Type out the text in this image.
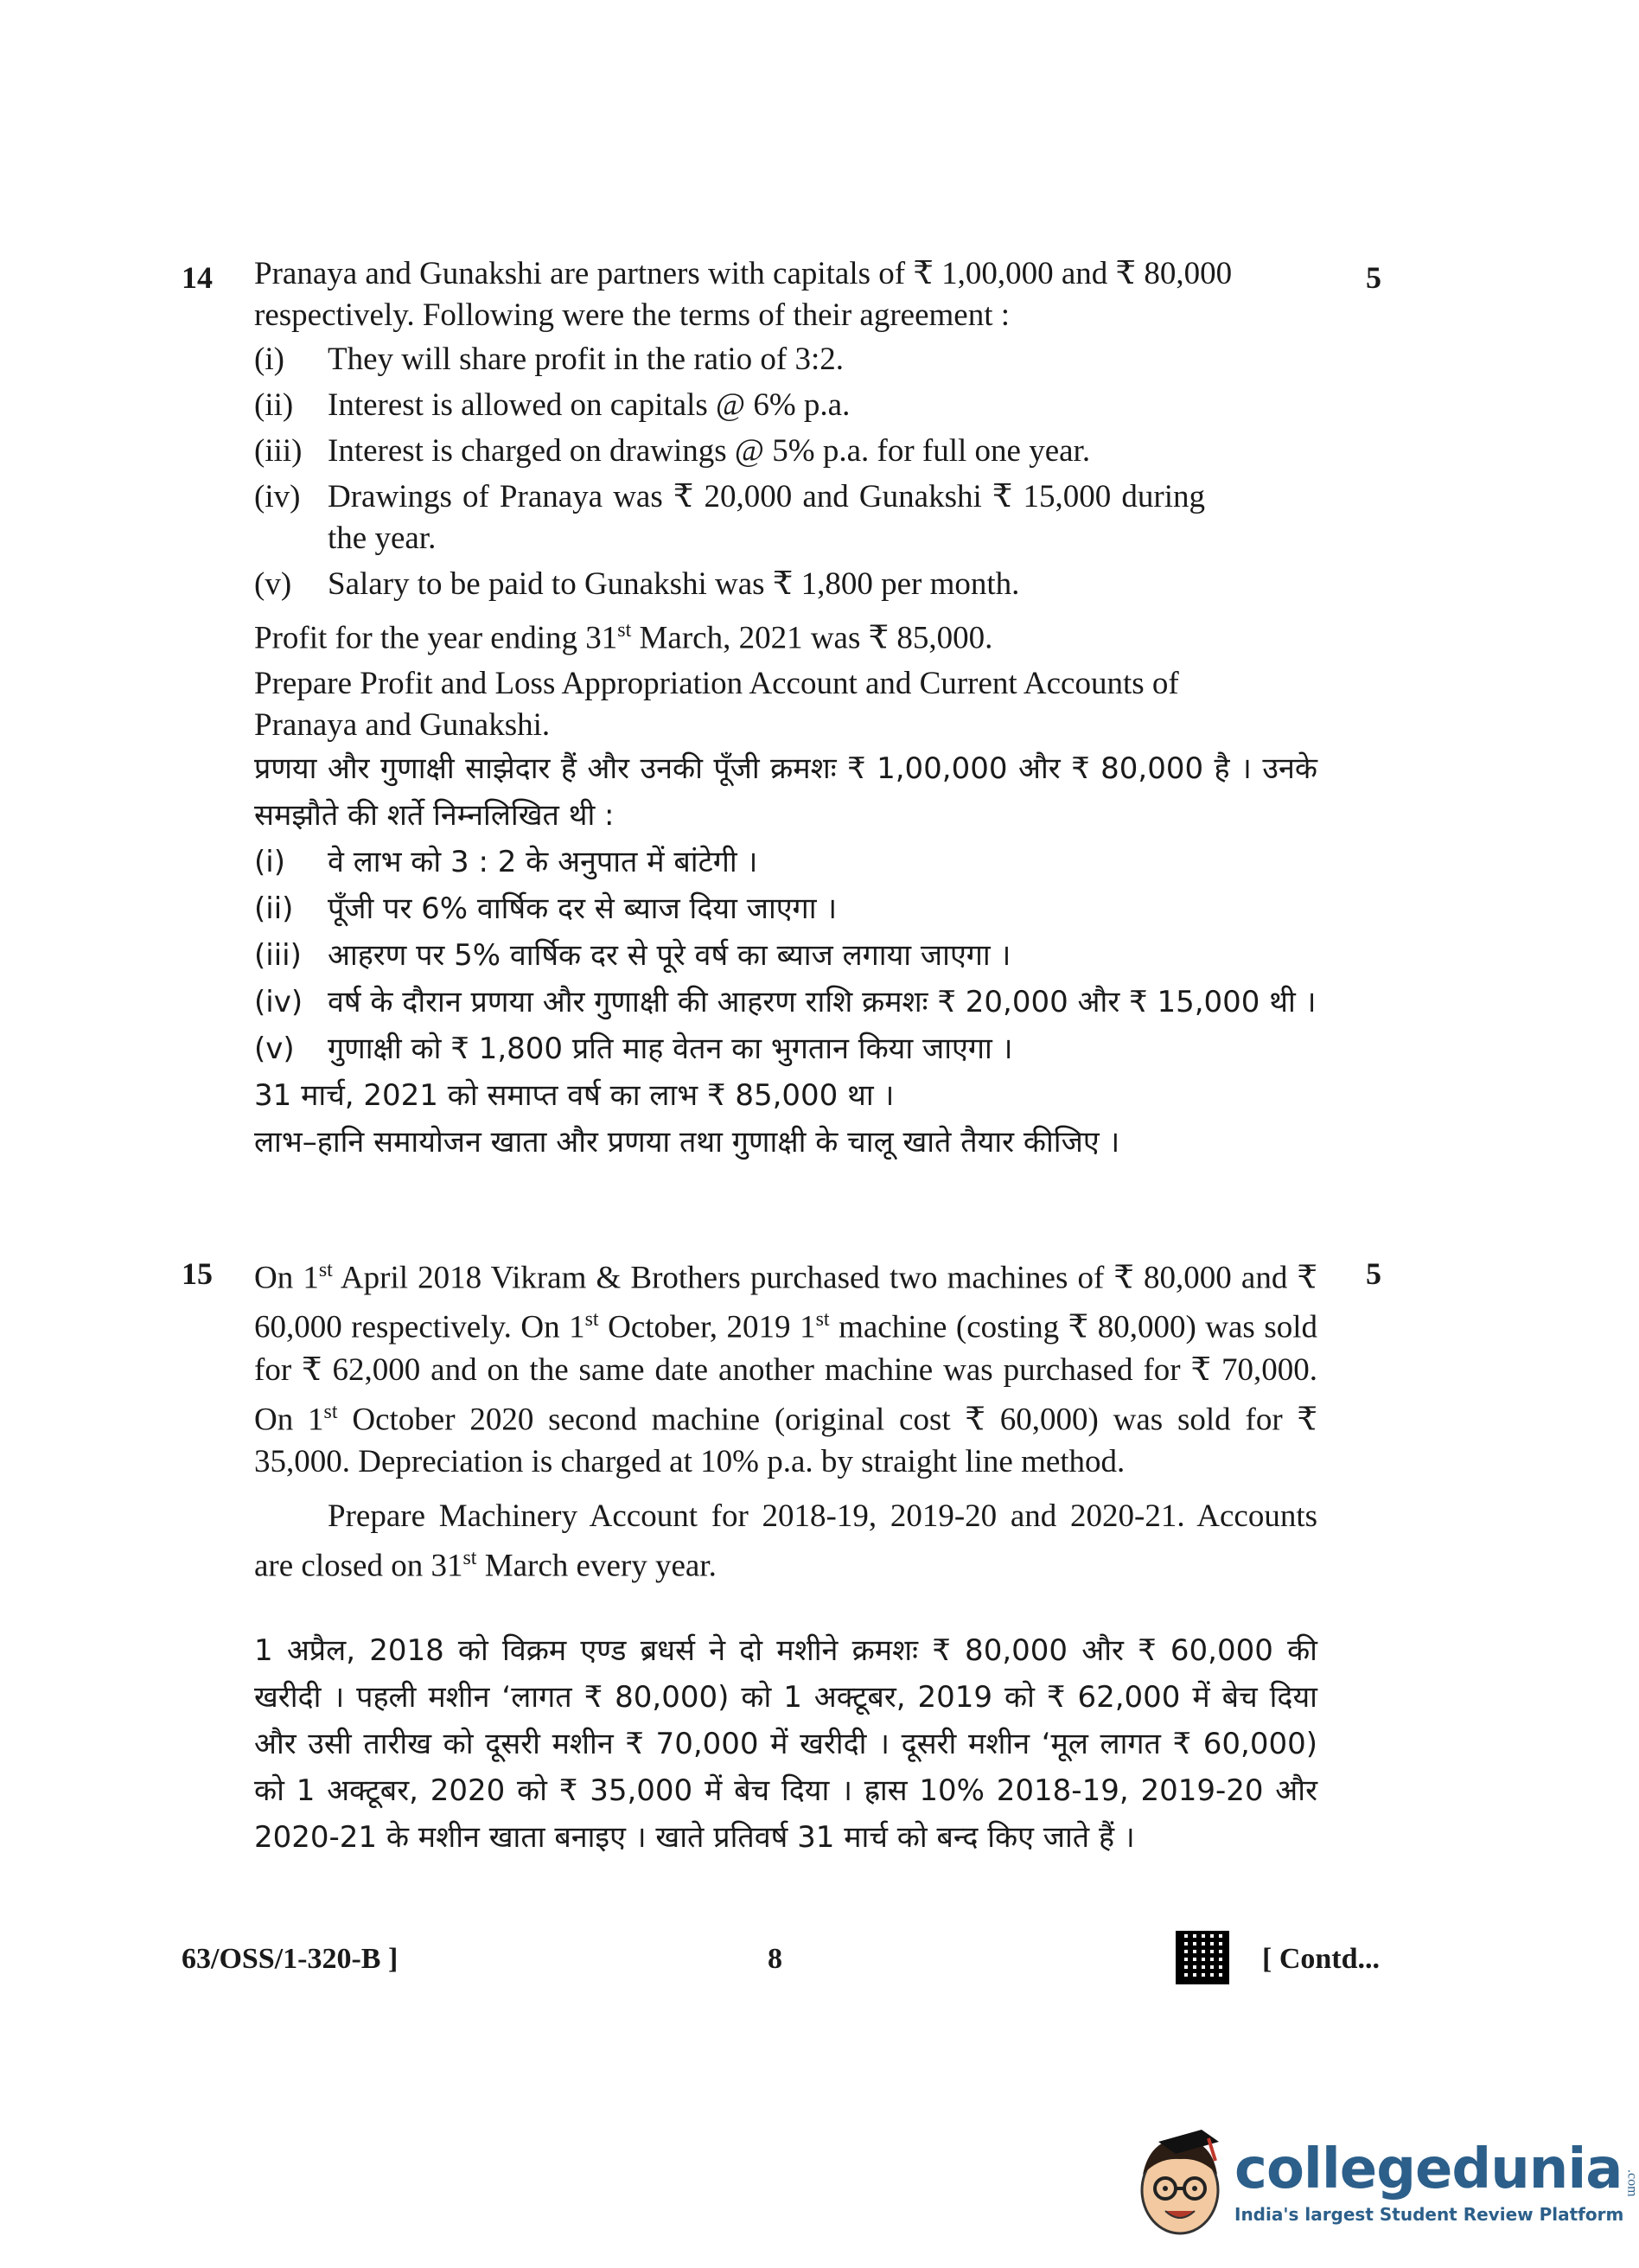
14	5

Pranaya and Gunakshi are partners with capitals of ₹ 1,00,000 and ₹ 80,000 respectively. Following were the terms of their agreement :

(i)	They will share profit in the ratio of 3:2.
(ii)	Interest is allowed on capitals @ 6% p.a.
(iii) Interest is charged on drawings @ 5% p.a. for full one year.
(iv) Drawings of Pranaya was ₹ 20,000 and Gunakshi ₹ 15,000 during the year.
(v)	Salary to be paid to Gunakshi was ₹ 1,800 per month.

Profit for the year ending 31st March, 2021 was ₹ 85,000.

Prepare Profit and Loss Appropriation Account and Current Accounts of Pranaya and Gunakshi.

प्रणया और गुणाक्षी साझेदार हैं और उनकी पूँजी क्रमशः ₹ 1,00,000 और ₹ 80,000 है । उनके समझौते की शर्ते निम्नलिखित थी :

(i)	वे लाभ को 3 : 2 के अनुपात में बांटेगी ।
(ii)	पूँजी पर 6% वार्षिक दर से ब्याज दिया जाएगा ।
(iii) आहरण पर 5% वार्षिक दर से पूरे वर्ष का ब्याज लगाया जाएगा ।
(iv) वर्ष के दौरान प्रणया और गुणाक्षी की आहरण राशि क्रमशः ₹ 20,000 और ₹ 15,000 थी ।
(v)	गुणाक्षी को ₹ 1,800 प्रति माह वेतन का भुगतान किया जाएगा ।

31 मार्च, 2021 को समाप्त वर्ष का लाभ ₹ 85,000 था ।

लाभ–हानि समायोजन खाता और प्रणया तथा गुणाक्षी के चालू खाते तैयार कीजिए ।

15	5

On 1st April 2018 Vikram & Brothers purchased two machines of ₹ 80,000 and ₹ 60,000 respectively. On 1st October, 2019 1st machine (costing ₹ 80,000) was sold for ₹ 62,000 and on the same date another machine was purchased for ₹ 70,000. On 1st October 2020 second machine (original cost ₹ 60,000) was sold for ₹ 35,000. Depreciation is charged at 10% p.a. by straight line method.

Prepare Machinery Account for 2018-19, 2019-20 and 2020-21. Accounts are closed on 31st March every year.

1 अप्रैल, 2018 को विक्रम एण्ड ब्रधर्स ने दो मशीने क्रमशः ₹ 80,000 और ₹ 60,000 की खरीदी । पहली मशीन ‘लागत ₹ 80,000) को 1 अक्टूबर, 2019 को ₹ 62,000 में बेच दिया और उसी तारीख को दूसरी मशीन ₹ 70,000 में खरीदी । दूसरी मशीन ‘मूल लागत ₹ 60,000) को 1 अक्टूबर, 2020 को ₹ 35,000 में बेच दिया । ह्रास 10% 2018-19, 2019-20 और 2020-21 के मशीन खाता बनाइए । खाते प्रतिवर्ष 31 मार्च को बन्द किए जाते हैं ।
63/OSS/1-320-B ]	8	[ Contd...
collegedunia .com
India's largest Student Review Platform
